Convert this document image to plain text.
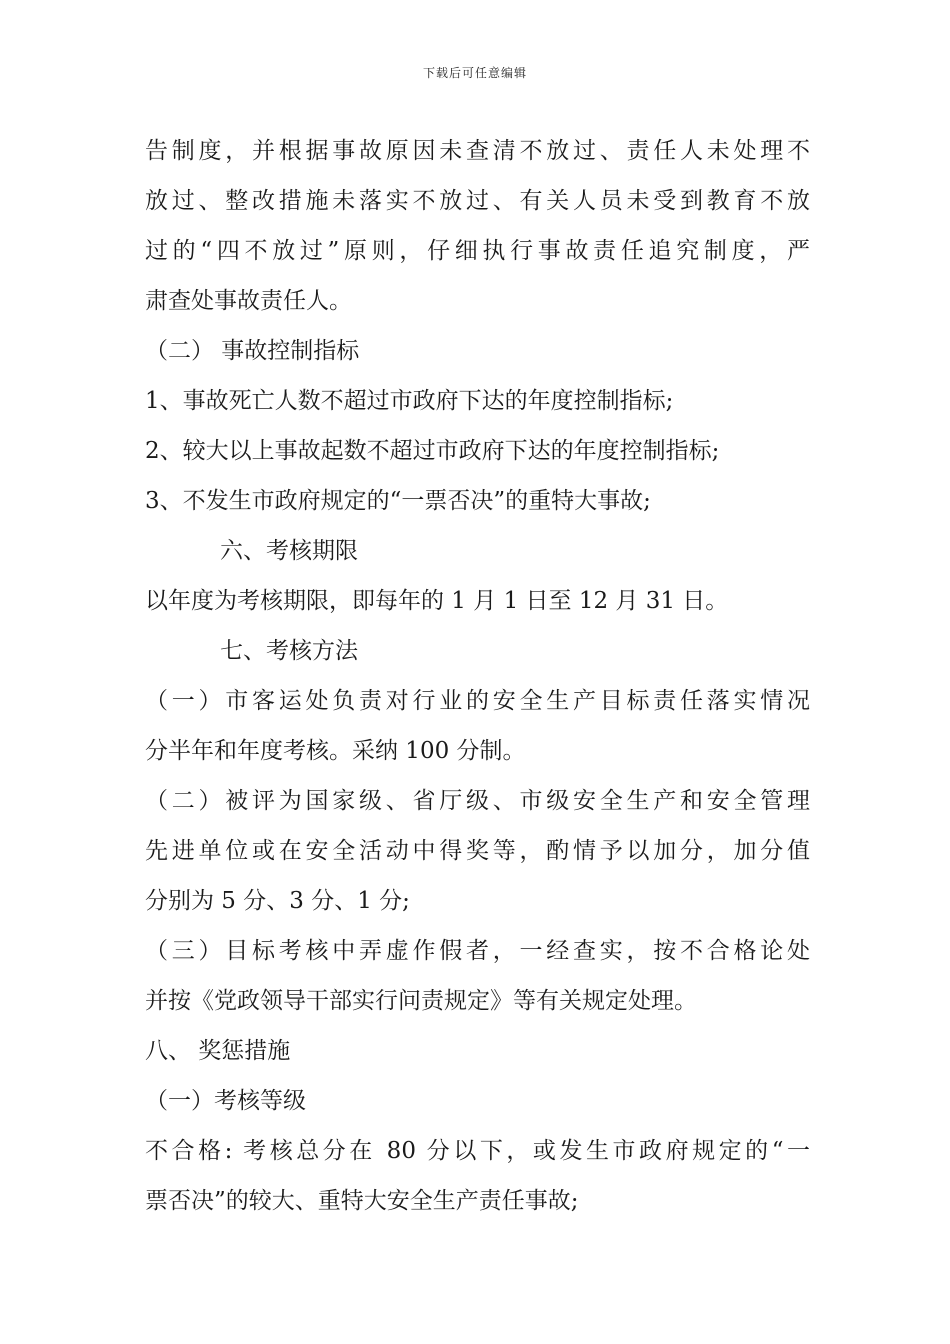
下载后可任意编辑
告制度，并根据事故原因未查清不放过、责任人未处理不
放过、整改措施未落实不放过、有关人员未受到教育不放
过的“四不放过”原则，仔细执行事故责任追究制度，严
肃查处事故责任人。
（二） 事故控制指标
1、事故死亡人数不超过市政府下达的年度控制指标;
2、较大以上事故起数不超过市政府下达的年度控制指标;
3、不发生市政府规定的“一票否决”的重特大事故;
六、考核期限
以年度为考核期限，即每年的 1 月 1 日至 12 月 31 日。
七、考核方法
（一）市客运处负责对行业的安全生产目标责任落实情况
分半年和年度考核。采纳 100 分制。
（二）被评为国家级、省厅级、市级安全生产和安全管理
先进单位或在安全活动中得奖等，酌情予以加分，加分值
分别为 5 分、3 分、1 分;
（三）目标考核中弄虚作假者，一经查实，按不合格论处
并按《党政领导干部实行问责规定》等有关规定处理。
八、 奖惩措施
（一）考核等级
不合格: 考核总分在 80 分以下，或发生市政府规定的“一
票否决”的较大、重特大安全生产责任事故;
